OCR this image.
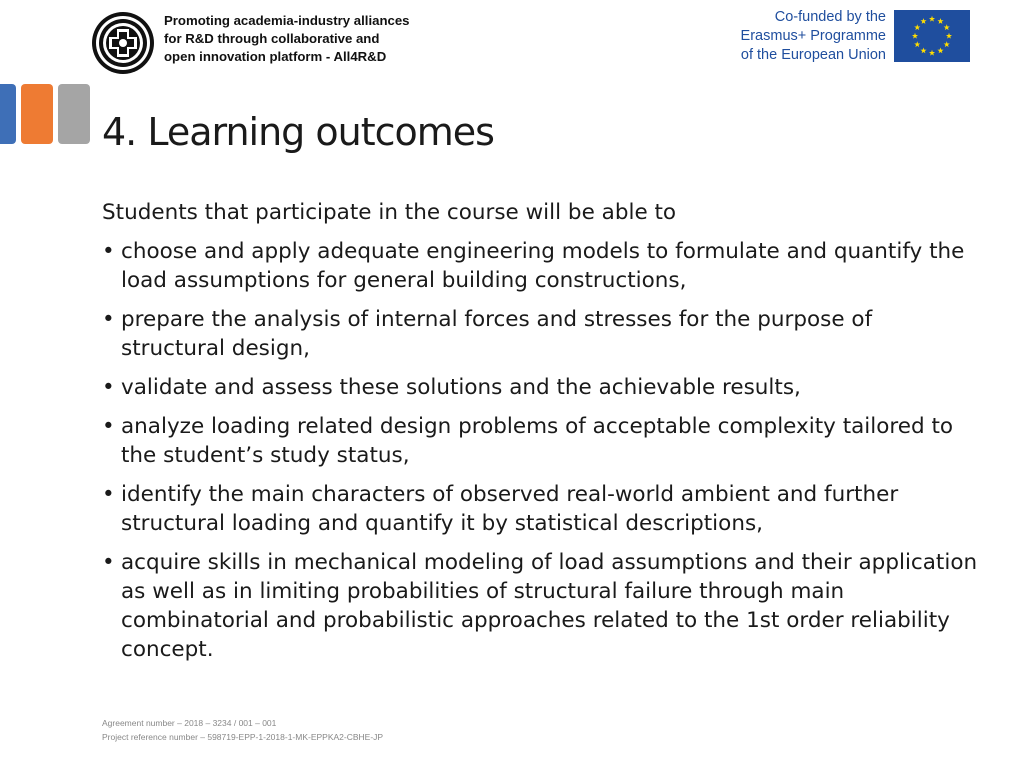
Promoting academia-industry alliances
for R&D through collaborative and
open innovation platform - All4R&D
Co-funded by the
Erasmus+ Programme
of the European Union
4. Learning outcomes

Students that participate in the course will be able to

• choose and apply adequate engineering models to formulate and quantify the load assumptions for general building constructions,
• prepare the analysis of internal forces and stresses for the purpose of structural design,
• validate and assess these solutions and the achievable results,
• analyze loading related design problems of acceptable complexity tailored to the student’s study status,
• identify the main characters of observed real-world ambient and further structural loading and quantify it by statistical descriptions,
• acquire skills in mechanical modeling of load assumptions and their application as well as in limiting probabilities of structural failure through main combinatorial and probabilistic approaches related to the 1st order reliability concept.
Agreement number – 2018 – 3234 / 001 – 001
Project reference number – 598719-EPP-1-2018-1-MK-EPPKA2-CBHE-JP
